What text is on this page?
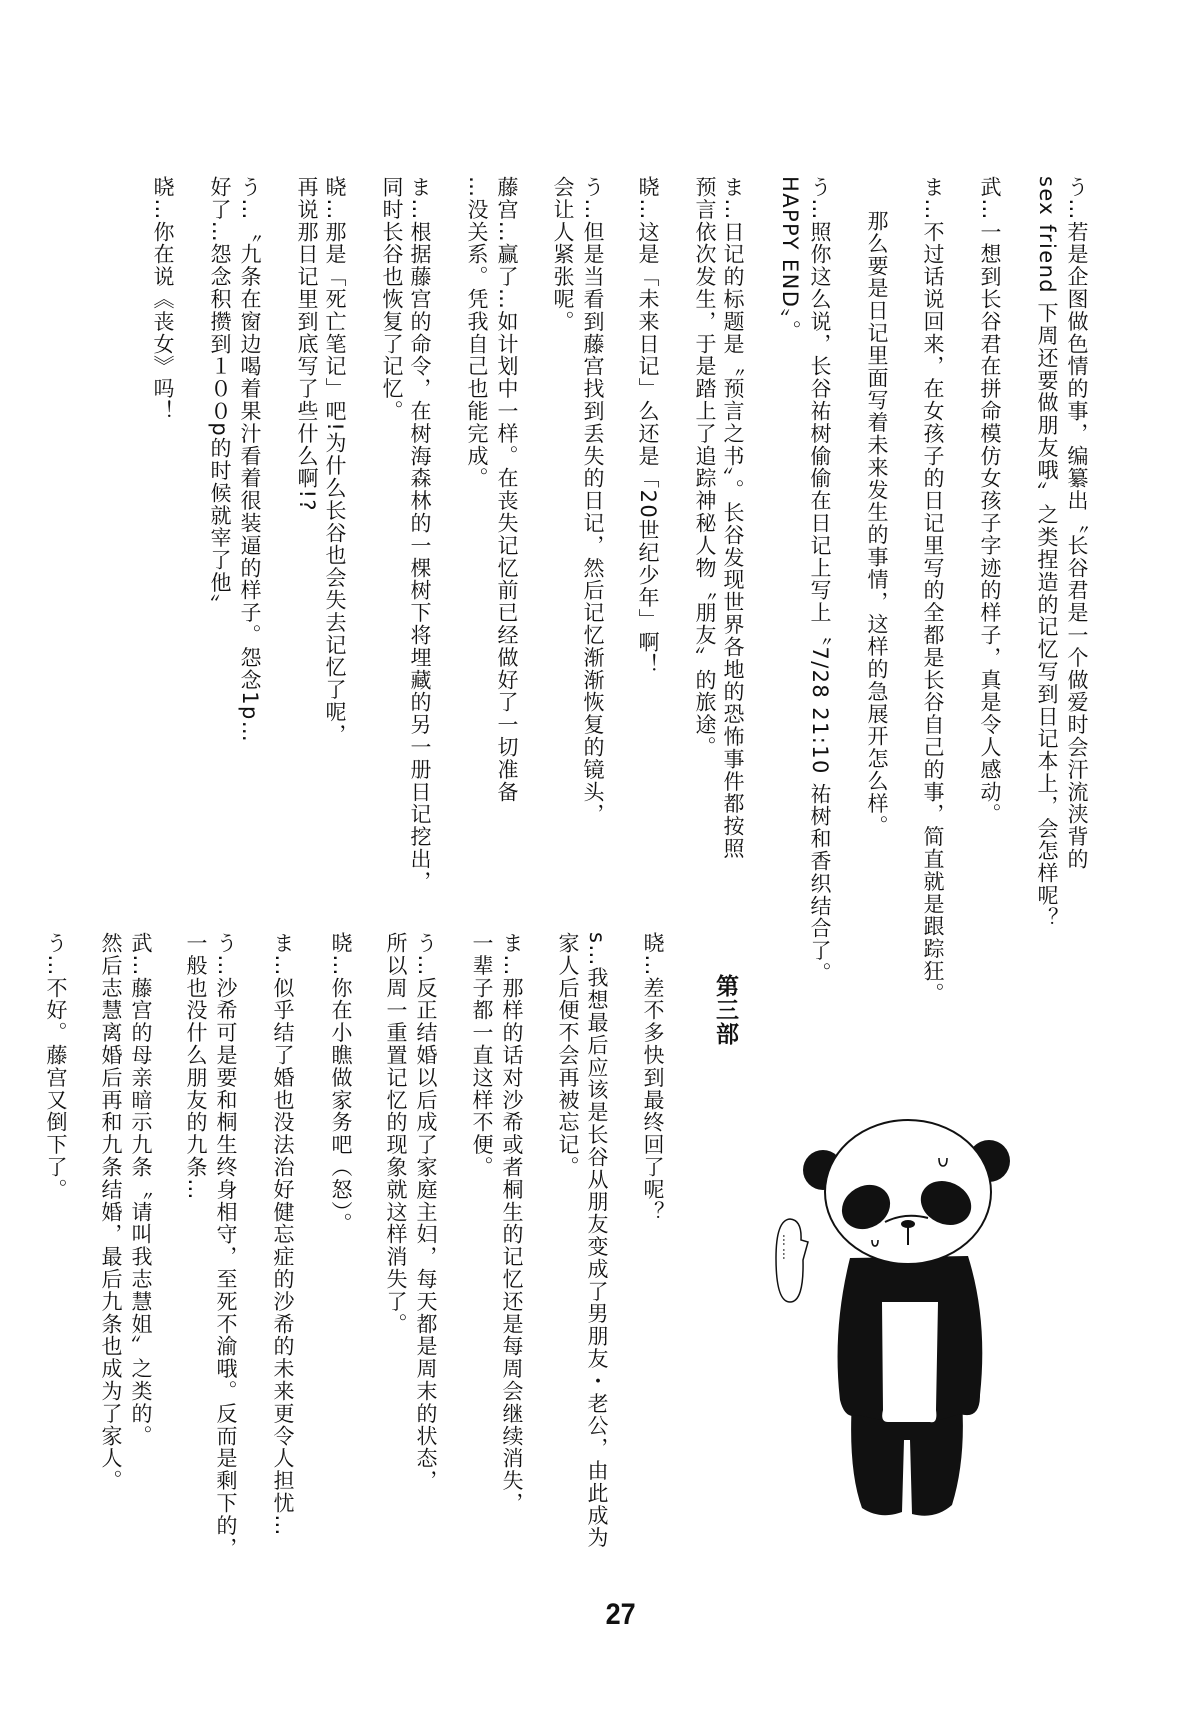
う…若是企图做色情的事，编纂出〝长谷君是一个做爱时会汗流浃背的
sex friend 下周还要做朋友哦〟之类捏造的记忆写到日记本上，会怎样呢？
武…一想到长谷君在拼命模仿女孩子字迹的样子，真是令人感动。
ま…不过话说回来，在女孩子的日记里写的全都是长谷自己的事，简直就是跟踪狂。
那么要是日记里面写着未来发生的事情，这样的急展开怎么样。
う…照你这么说，长谷祐树偷偷在日记上写上〝7/28 21:10 祐树和香织结合了。
HAPPY END〟。
ま…日记的标题是〝预言之书〟。长谷发现世界各地的恐怖事件都按照
预言依次发生，于是踏上了追踪神秘人物〝朋友〟的旅途。
晓…这是「未来日记」么还是「20世纪少年」啊！
う…但是当看到藤宫找到丢失的日记，然后记忆渐渐恢复的镜头，
会让人紧张呢。
藤宫…赢了…如计划中一样。在丧失记忆前已经做好了一切准备
…没关系。凭我自己也能完成。
ま…根据藤宫的命令，在树海森林的一棵树下将埋藏的另一册日记挖出，
同时长谷也恢复了记忆。
晓…那是「死亡笔记」吧!为什么长谷也会失去记忆了呢，
再说那日记里到底写了些什么啊!?
う…〝九条在窗边喝着果汁看着很装逼的样子。怨念1p…
好了…怨念积攒到１００p的时候就宰了他〟
晓…你在说《丧女》吗！
第三部
晓…差不多快到最终回了呢？
s…我想最后应该是长谷从朋友变成了男朋友・老公，由此成为
家人后便不会再被忘记。
ま…那样的话对沙希或者桐生的记忆还是每周会继续消失，
一辈子都一直这样不便。
う…反正结婚以后成了家庭主妇，每天都是周末的状态，
所以周一重置记忆的现象就这样消失了。
晓…你在小瞧做家务吧（怒）。
ま…似乎结了婚也没法治好健忘症的沙希的未来更令人担忧…
う…沙希可是要和桐生终身相守，至死不渝哦。反而是剩下的，
一般也没什么朋友的九条…
武…藤宫的母亲暗示九条〝请叫我志慧姐〟之类的。
然后志慧离婚后再和九条结婚，最后九条也成为了家人。
う…不好。藤宫又倒下了。
……
27
